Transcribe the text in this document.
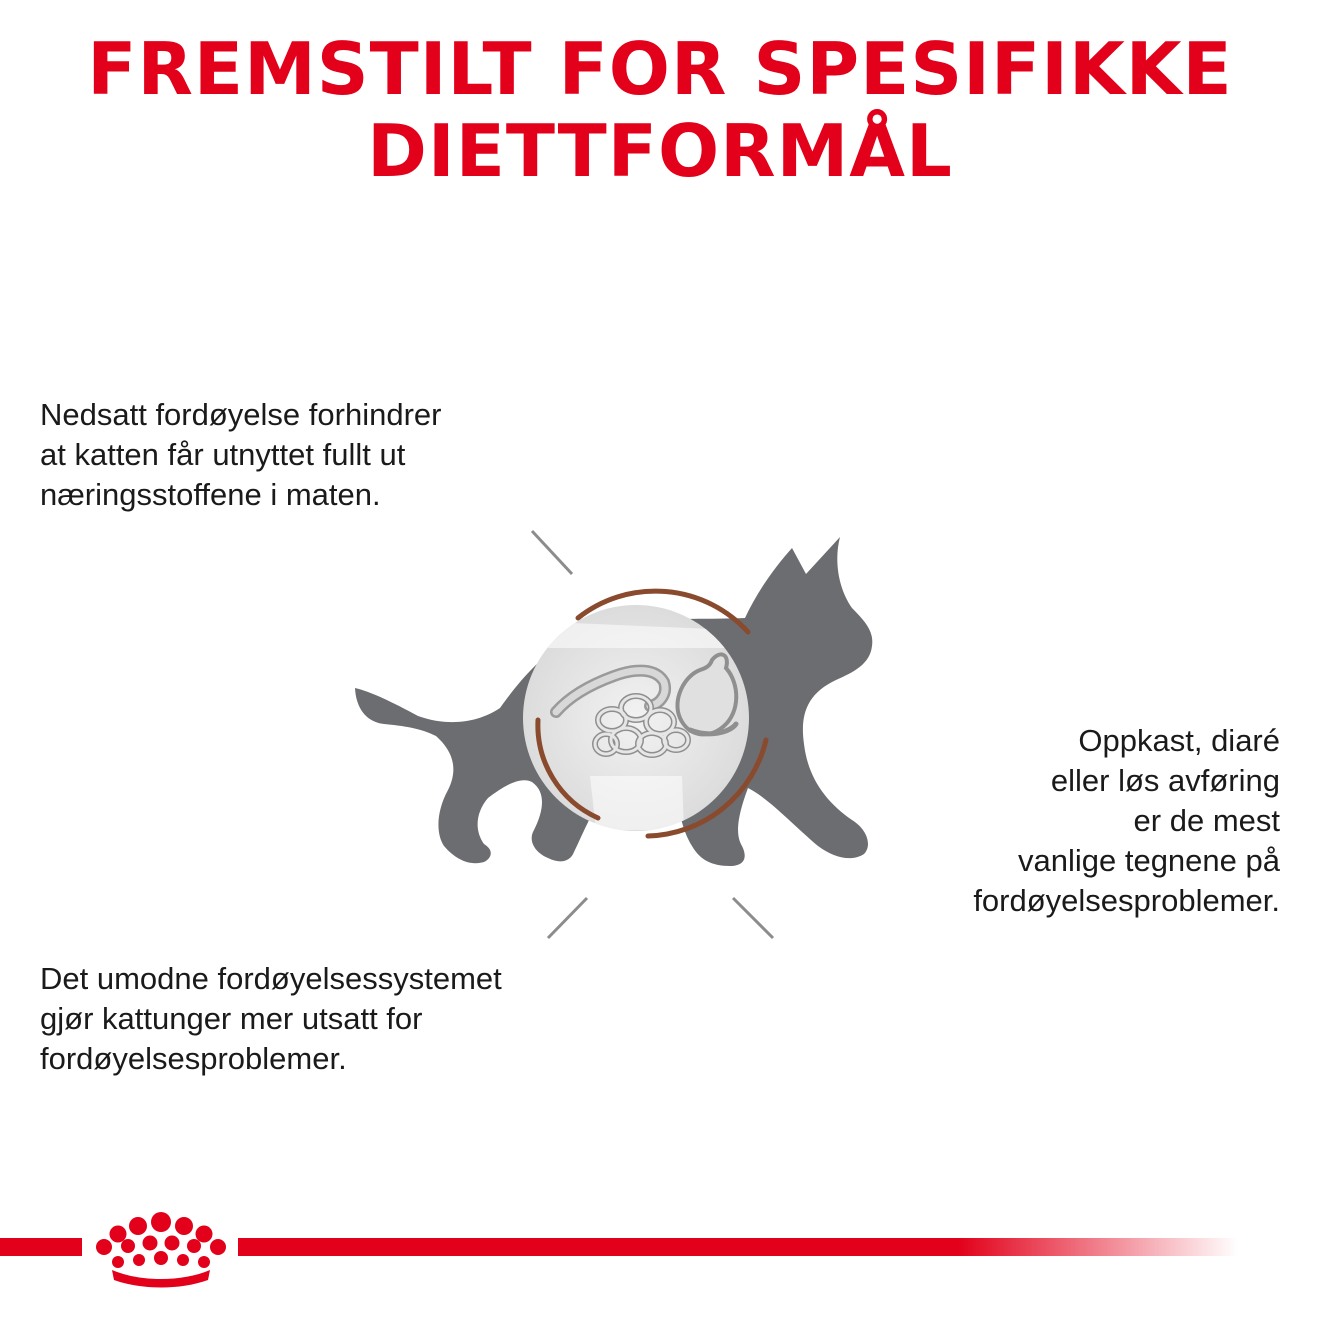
FREMSTILT FOR SPESIFIKKE
DIETTFORMÅL

Nedsatt fordøyelse forhindrer
at katten får utnyttet fullt ut
næringsstoffene i maten.

Det umodne fordøyelsessystemet
gjør kattunger mer utsatt for
fordøyelsesproblemer.

Oppkast, diaré
eller løs avføring
er de mest
vanlige tegnene på
fordøyelsesproblemer.
